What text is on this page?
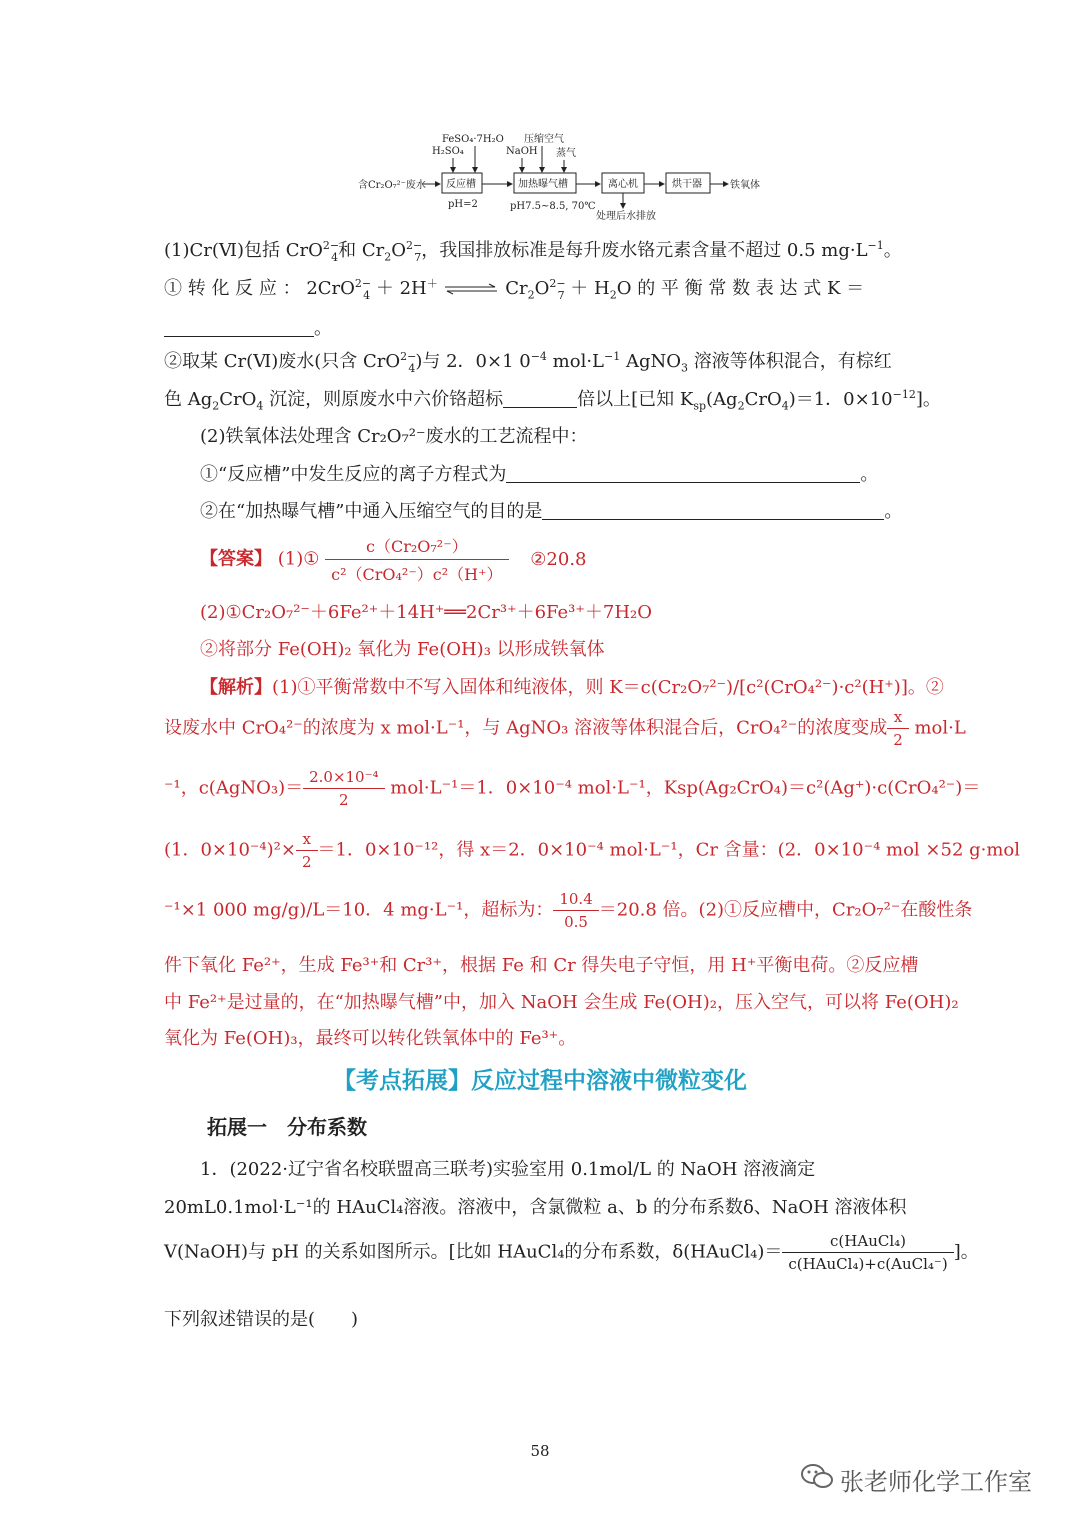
含Cr₂O₇²⁻废水 反应槽
FeSO₄·7H₂O
H₂SO₄
pH=2
加热曝气槽
压缩空气
NaOH 蒸气
pH7.5~8.5, 70℃
离心机
处理后水排放
烘干器	铁氧体
(1)Cr(Ⅵ)包括 CrO$^{2-}_4$和 $Cr_2O^{2-}_7$，我国排放标准是每升废水铬元素含量不超过 0.5 $mg\cdot L^{-1}$。
① 转 化 反 应 ： 2CrO$^{2-}_4$ ＋ 2H＋ ⇌ $Cr_2O^{2-}_7 + H_2O$ 的 平 衡 常 数 表 达 式 K ＝
。
②取某 Cr(Ⅵ)废水(只含 CrO$^{2-}_4$)与 2．0×1 $0^{-4}$ $mol\cdot L^{-1}$ AgNO$_3$ 溶液等体积混合，有棕红
色 $Ag_2CrO_4$ 沉淀，则原废水中六价铬超标	倍以上[已知 $K_{sp}(Ag_2CrO_4)=1$．$0\times 10^{-12}$]。
(2)铁氧体法处理含 Cr₂O₇²⁻废水的工艺流程中：
①“反应槽”中发生反应的离子方程式为	。
②在“加热曝气槽”中通入压缩空气的目的是	。
【答案】 (1)① $\frac{\text{c（Cr₂O₇²⁻）}}{\text{c²（CrO₄²⁻）c²（H⁺）}}$ ②20.8
(2)①Cr₂O₇²⁻＋6Fe²⁺＋14H⁺══2Cr³⁺＋6Fe³⁺＋7H₂O
②将部分 Fe(OH)₂ 氧化为 Fe(OH)₃ 以形成铁氧体
【解析】(1)①平衡常数中不写入固体和纯液体，则 K＝c(Cr₂O₇²⁻)/[c²(CrO₄²⁻)·c²(H⁺)]。②
设废水中 CrO₄²⁻的浓度为 x mol·L⁻¹，与 AgNO₃ 溶液等体积混合后，CrO₄²⁻的浓度变成 $\frac{x}{2} mol\cdot L$
⁻¹，c(AgNO₃)＝ $\frac{\text{2.0×10⁻⁴}}{2} mol\cdot L^{-1}=1$．0×10⁻⁴ mol·L⁻¹，Ksp(Ag₂CrO₄)＝c²(Ag⁺)·c(CrO₄²⁻)＝
(1．$0\times 10^{-4})^2\times \frac{x}{2} =1$．0×10⁻¹²，得 x＝2．0×10⁻⁴ mol·L⁻¹，Cr 含量：(2．0×10⁻⁴ mol ×52 g·mol
⁻¹×1 000 mg/g)/L＝10．4 mg·L⁻¹，超标为： $\frac{10.4}{0.5} =20.8$ 倍。(2)①反应槽中，Cr₂O₇²⁻在酸性条
件下氧化 Fe²⁺，生成 Fe³⁺和 Cr³⁺，根据 Fe 和 Cr 得失电子守恒，用 H⁺平衡电荷。②反应槽
中 Fe²⁺是过量的，在“加热曝气槽”中，加入 NaOH 会生成 Fe(OH)₂，压入空气，可以将 Fe(OH)₂
氧化为 Fe(OH)₃，最终可以转化铁氧体中的 Fe³⁺。
【考点拓展】反应过程中溶液中微粒变化
拓展一　分布系数
1．(2022·辽宁省名校联盟高三联考)实验室用 0.1mol/L 的 NaOH 溶液滴定
20mL0.1mol·L⁻¹的 HAuCl₄溶液。溶液中，含氯微粒 a、b 的分布系数δ、NaOH 溶液体积
V(NaOH)与 pH 的关系如图所示。[比如 HAuCl₄的分布系数，δ(HAuCl₄)＝ $\frac{\text{c(HAuCl₄)}}{\text{c(HAuCl₄)+c(AuCl₄⁻)}}$ ]。
下列叙述错误的是(　　)
58
张老师化学工作室
